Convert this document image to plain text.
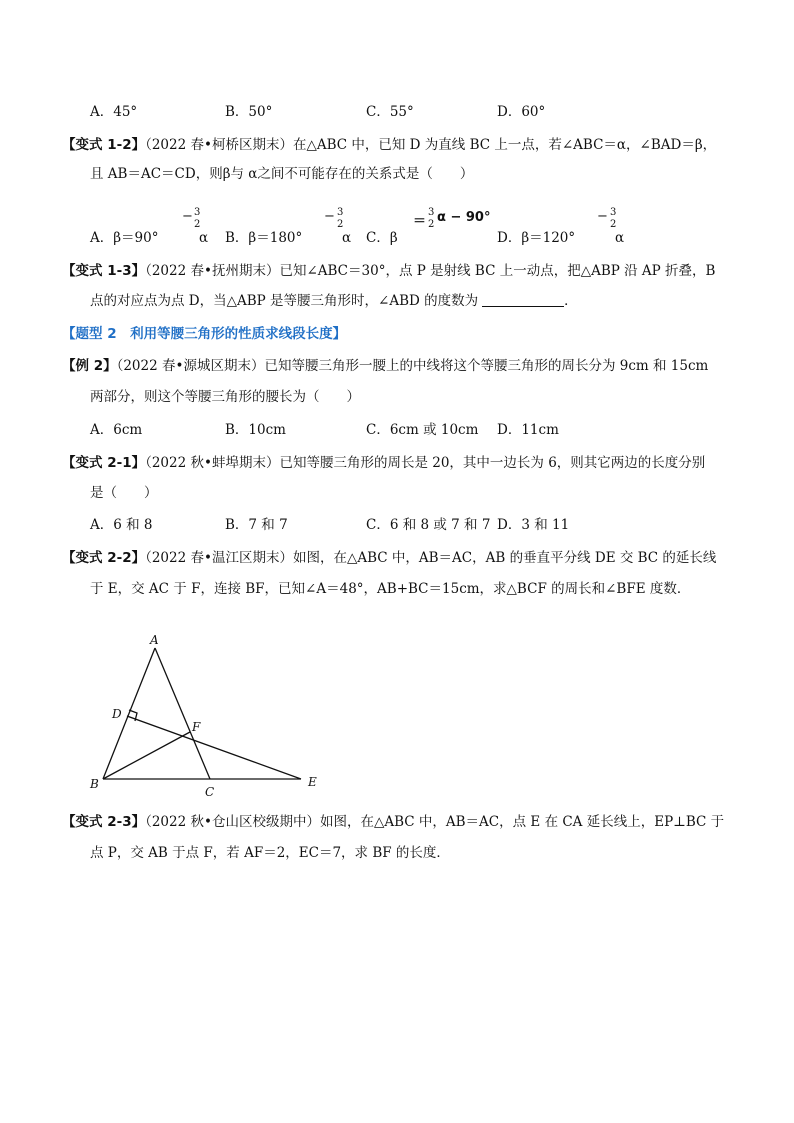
A．45°	B．50°	C．55°	D．60°
【变式 1-2】（2022 春•柯桥区期末）在△ABC 中，已知 D 为直线 BC 上一点，若∠ABC＝α，∠BAD＝β，
且 AB＝AC＝CD，则β与 α之间不可能存在的关系式是（　　）
A．β＝90°
− 3
2
α B．β＝180°
− 3
2
α C．β
＝
3
2 α − 90°
D．β＝120°
− 3
2
α
【变式 1-3】（2022 春•抚州期末）已知∠ABC＝30°，点 P 是射线 BC 上一动点，把△ABP 沿 AP 折叠，B
点的对应点为点 D，当△ABP 是等腰三角形时，∠ABD 的度数为	．
【题型 2　利用等腰三角形的性质求线段长度】
【例 2】（2022 春•源城区期末）已知等腰三角形一腰上的中线将这个等腰三角形的周长分为 9cm 和 15cm
两部分，则这个等腰三角形的腰长为（　　）
A．6cm	B．10cm	C．6cm 或 10cm D．11cm
【变式 2-1】（2022 秋•蚌埠期末）已知等腰三角形的周长是 20，其中一边长为 6，则其它两边的长度分别
是（　　）
A．6 和 8	B．7 和 7	C．6 和 8 或 7 和 7 D．3 和 11
【变式 2-2】（2022 春•温江区期末）如图，在△ABC 中，AB＝AC，AB 的垂直平分线 DE 交 BC 的延长线
于 E，交 AC 于 F，连接 BF，已知∠A＝48°，AB+BC＝15cm，求△BCF 的周长和∠BFE 度数．
A
B
C
D
E
F
【变式 2-3】（2022 秋•仓山区校级期中）如图，在△ABC 中，AB＝AC，点 E 在 CA 延长线上，EP⊥BC 于
点 P，交 AB 于点 F，若 AF＝2，EC＝7，求 BF 的长度．
